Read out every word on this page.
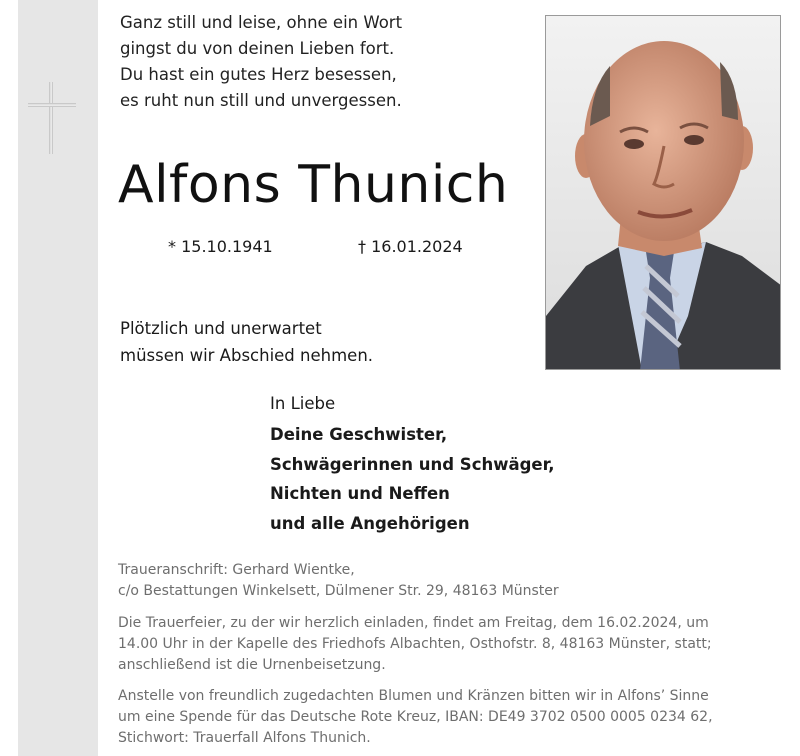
Ganz still und leise, ohne ein Wort
gingst du von deinen Lieben fort.
Du hast ein gutes Herz besessen,
es ruht nun still und unvergessen.
Alfons Thunich
* 15.10.1941	† 16.01.2024
Plötzlich und unerwartet
müssen wir Abschied nehmen.
In Liebe
Deine Geschwister,
Schwägerinnen und Schwäger,
Nichten und Neffen
und alle Angehörigen
Traueranschrift: Gerhard Wientke,
c/o Bestattungen Winkelsett, Dülmener Str. 29, 48163 Münster
Die Trauerfeier, zu der wir herzlich einladen, findet am Freitag, dem 16.02.2024, um
14.00 Uhr in der Kapelle des Friedhofs Albachten, Osthofstr. 8, 48163 Münster, statt;
anschließend ist die Urnenbeisetzung.
Anstelle von freundlich zugedachten Blumen und Kränzen bitten wir in Alfons’ Sinne
um eine Spende für das Deutsche Rote Kreuz, IBAN: DE49 3702 0500 0005 0234 62,
Stichwort: Trauerfall Alfons Thunich.
